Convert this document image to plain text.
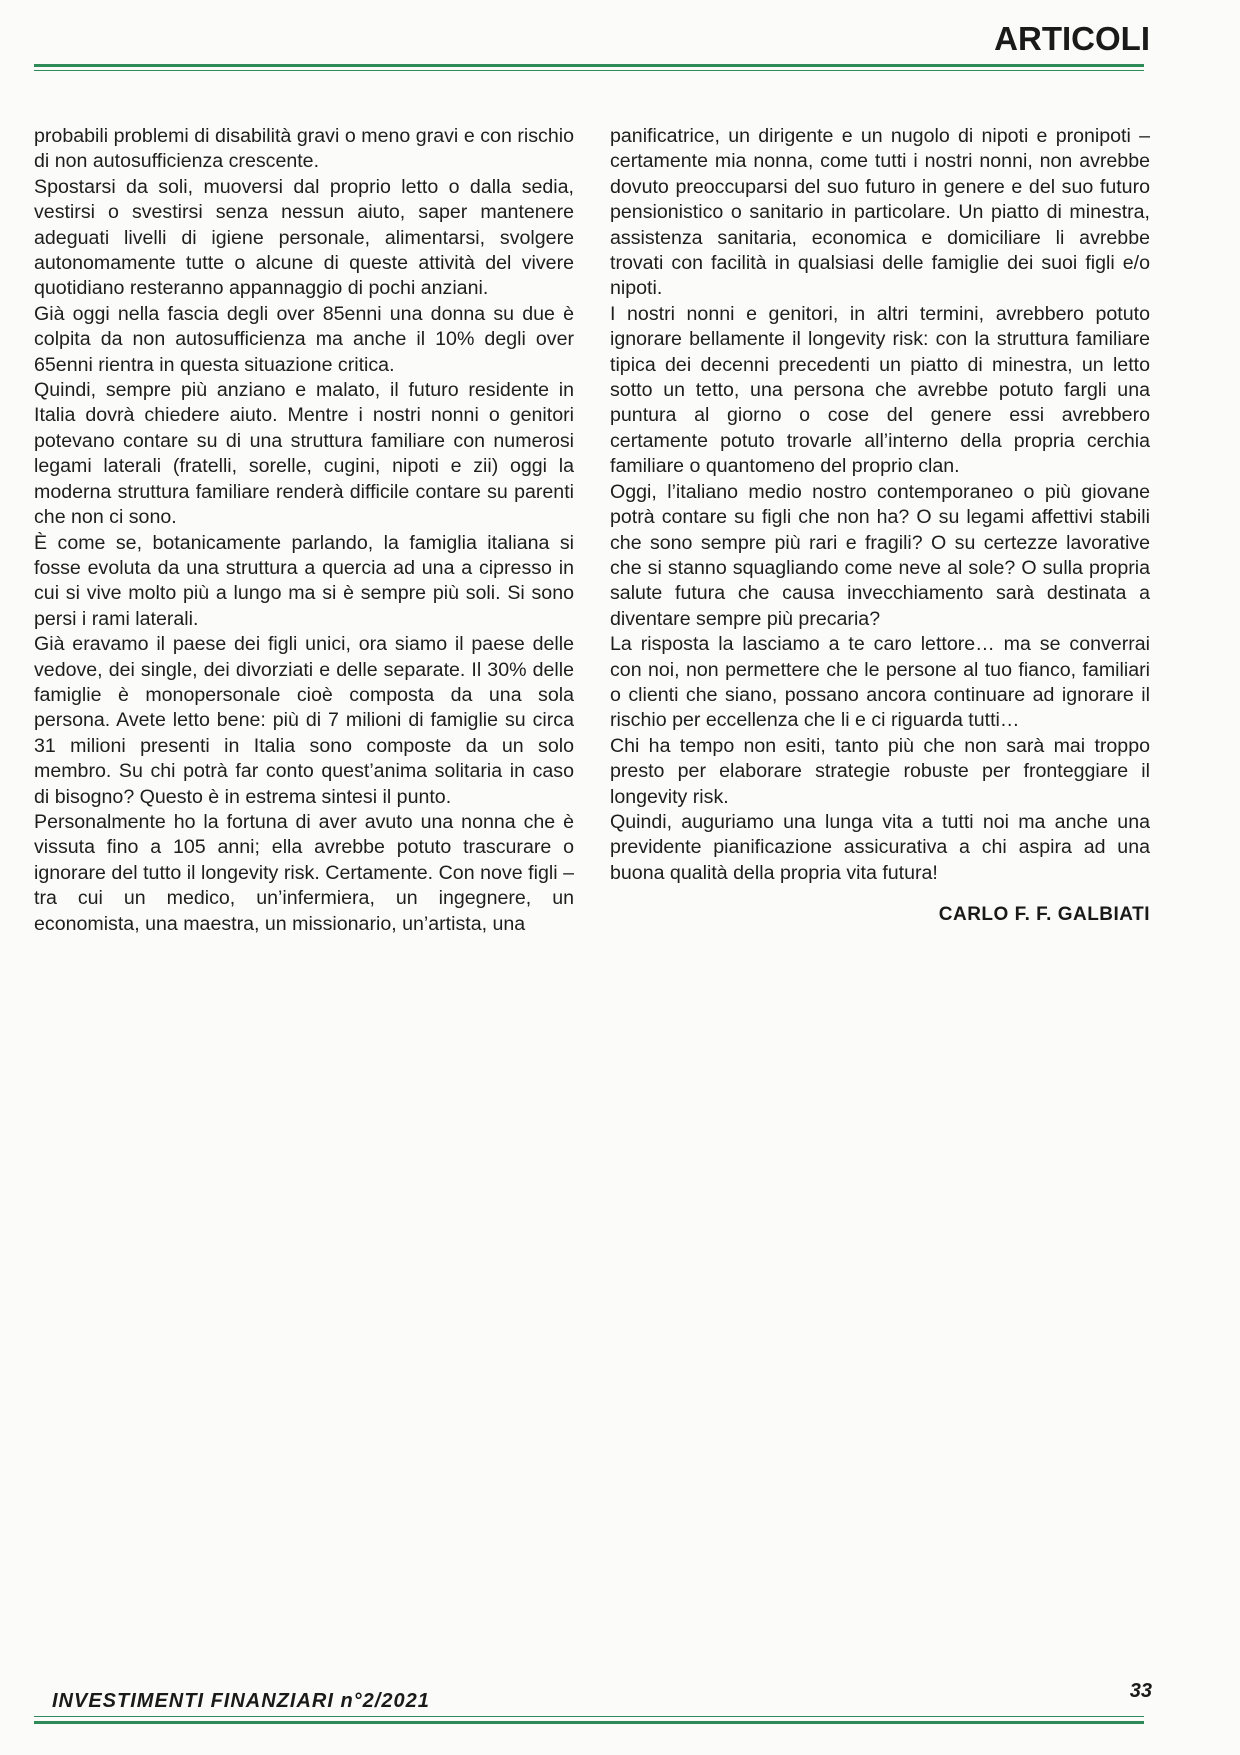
ARTICOLI

probabili problemi di disabilità gravi o meno gravi e con rischio di non autosufficienza crescente.

Spostarsi da soli, muoversi dal proprio letto o dalla sedia, vestirsi o svestirsi senza nessun aiuto, saper mantenere adeguati livelli di igiene personale, alimentarsi, svolgere autonomamente tutte o alcune di queste attività del vivere quotidiano resteranno appannaggio di pochi anziani.

Già oggi nella fascia degli over 85enni una donna su due è colpita da non autosufficienza ma anche il 10% degli over 65enni rientra in questa situazione critica.

Quindi, sempre più anziano e malato, il futuro residente in Italia dovrà chiedere aiuto. Mentre i nostri nonni o genitori potevano contare su di una struttura familiare con numerosi legami laterali (fratelli, sorelle, cugini, nipoti e zii) oggi la moderna struttura familiare renderà difficile contare su parenti che non ci sono.

È come se, botanicamente parlando, la famiglia italiana si fosse evoluta da una struttura a quercia ad una a cipresso in cui si vive molto più a lungo ma si è sempre più soli. Si sono persi i rami laterali.

Già eravamo il paese dei figli unici, ora siamo il paese delle vedove, dei single, dei divorziati e delle separate. Il 30% delle famiglie è monopersonale cioè composta da una sola persona. Avete letto bene: più di 7 milioni di famiglie su circa 31 milioni presenti in Italia sono composte da un solo membro. Su chi potrà far conto quest’anima solitaria in caso di bisogno? Questo è in estrema sintesi il punto.

Personalmente ho la fortuna di aver avuto una nonna che è vissuta fino a 105 anni; ella avrebbe potuto trascurare o ignorare del tutto il longevity risk. Certamente. Con nove figli – tra cui un medico, un’infermiera, un ingegnere, un economista, una maestra, un missionario, un’artista, una

panificatrice, un dirigente e un nugolo di nipoti e pronipoti – certamente mia nonna, come tutti i nostri nonni, non avrebbe dovuto preoccuparsi del suo futuro in genere e del suo futuro pensionistico o sanitario in particolare. Un piatto di minestra, assistenza sanitaria, economica e domiciliare li avrebbe trovati con facilità in qualsiasi delle famiglie dei suoi figli e/o nipoti.

I nostri nonni e genitori, in altri termini, avrebbero potuto ignorare bellamente il longevity risk: con la struttura familiare tipica dei decenni precedenti un piatto di minestra, un letto sotto un tetto, una persona che avrebbe potuto fargli una puntura al giorno o cose del genere essi avrebbero certamente potuto trovarle all’interno della propria cerchia familiare o quantomeno del proprio clan.

Oggi, l’italiano medio nostro contemporaneo o più giovane potrà contare su figli che non ha? O su legami affettivi stabili che sono sempre più rari e fragili? O su certezze lavorative che si stanno squagliando come neve al sole? O sulla propria salute futura che causa invecchiamento sarà destinata a diventare sempre più precaria?

La risposta la lasciamo a te caro lettore… ma se converrai con noi, non permettere che le persone al tuo fianco, familiari o clienti che siano, possano ancora continuare ad ignorare il rischio per eccellenza che li e ci riguarda tutti…

Chi ha tempo non esiti, tanto più che non sarà mai troppo presto per elaborare strategie robuste per fronteggiare il longevity risk.

Quindi, auguriamo una lunga vita a tutti noi ma anche una previdente pianificazione assicurativa a chi aspira ad una buona qualità della propria vita futura!

CARLO F. F. GALBIATI
INVESTIMENTI FINANZIARI n°2/2021	33
